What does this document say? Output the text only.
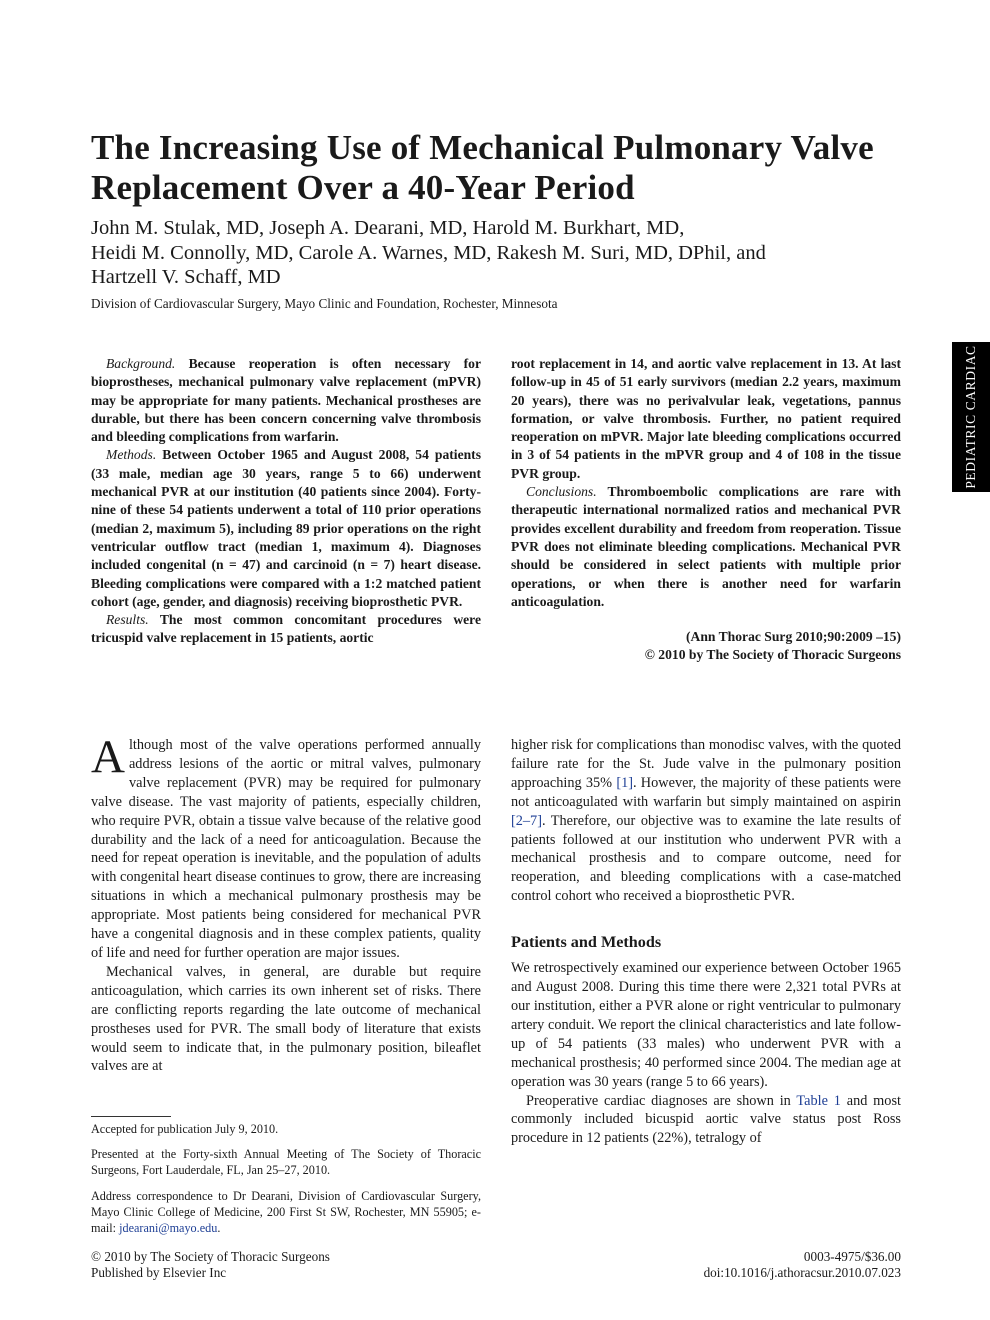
The Increasing Use of Mechanical Pulmonary Valve Replacement Over a 40-Year Period
John M. Stulak, MD, Joseph A. Dearani, MD, Harold M. Burkhart, MD,
Heidi M. Connolly, MD, Carole A. Warnes, MD, Rakesh M. Suri, MD, DPhil, and
Hartzell V. Schaff, MD
Division of Cardiovascular Surgery, Mayo Clinic and Foundation, Rochester, Minnesota
PEDIATRIC CARDIAC

Background. Because reoperation is often necessary for bioprostheses, mechanical pulmonary valve replacement (mPVR) may be appropriate for many patients. Mechanical prostheses are durable, but there has been concern concerning valve thrombosis and bleeding complications from warfarin.

Methods. Between October 1965 and August 2008, 54 patients (33 male, median age 30 years, range 5 to 66) underwent mechanical PVR at our institution (40 patients since 2004). Forty-nine of these 54 patients underwent a total of 110 prior operations (median 2, maximum 5), including 89 prior operations on the right ventricular outflow tract (median 1, maximum 4). Diagnoses included congenital (n = 47) and carcinoid (n = 7) heart disease. Bleeding complications were compared with a 1:2 matched patient cohort (age, gender, and diagnosis) receiving bioprosthetic PVR.

Results. The most common concomitant procedures were tricuspid valve replacement in 15 patients, aortic

root replacement in 14, and aortic valve replacement in 13. At last follow-up in 45 of 51 early survivors (median 2.2 years, maximum 20 years), there was no perivalvular leak, vegetations, pannus formation, or valve thrombosis. Further, no patient required reoperation on mPVR. Major late bleeding complications occurred in 3 of 54 patients in the mPVR group and 4 of 108 in the tissue PVR group.

Conclusions. Thromboembolic complications are rare with therapeutic international normalized ratios and mechanical PVR provides excellent durability and freedom from reoperation. Tissue PVR does not eliminate bleeding complications. Mechanical PVR should be considered in select patients with multiple prior operations, or when there is another need for warfarin anticoagulation.

(Ann Thorac Surg 2010;90:2009 –15)
© 2010 by The Society of Thoracic Surgeons

Although most of the valve operations performed annually address lesions of the aortic or mitral valves, pulmonary valve replacement (PVR) may be required for pulmonary valve disease. The vast majority of patients, especially children, who require PVR, obtain a tissue valve because of the relative good durability and the lack of a need for anticoagulation. Because the need for repeat operation is inevitable, and the population of adults with congenital heart disease continues to grow, there are increasing situations in which a mechanical pulmonary prosthesis may be appropriate. Most patients being considered for mechanical PVR have a congenital diagnosis and in these complex patients, quality of life and need for further operation are major issues.

Mechanical valves, in general, are durable but require anticoagulation, which carries its own inherent set of risks. There are conflicting reports regarding the late outcome of mechanical prostheses used for PVR. The small body of literature that exists would seem to indicate that, in the pulmonary position, bileaflet valves are at

higher risk for complications than monodisc valves, with the quoted failure rate for the St. Jude valve in the pulmonary position approaching 35% [1]. However, the majority of these patients were not anticoagulated with warfarin but simply maintained on aspirin [2–7]. Therefore, our objective was to examine the late results of patients followed at our institution who underwent PVR with a mechanical prosthesis and to compare outcome, need for reoperation, and bleeding complications with a case-matched control cohort who received a bioprosthetic PVR.

Patients and Methods

We retrospectively examined our experience between October 1965 and August 2008. During this time there were 2,321 total PVRs at our institution, either a PVR alone or right ventricular to pulmonary artery conduit. We report the clinical characteristics and late follow-up of 54 patients (33 males) who underwent PVR with a mechanical prosthesis; 40 performed since 2004. The median age at operation was 30 years (range 5 to 66 years).

Preoperative cardiac diagnoses are shown in Table 1 and most commonly included bicuspid aortic valve status post Ross procedure in 12 patients (22%), tetralogy of

Accepted for publication July 9, 2010.

Presented at the Forty-sixth Annual Meeting of The Society of Thoracic Surgeons, Fort Lauderdale, FL, Jan 25–27, 2010.

Address correspondence to Dr Dearani, Division of Cardiovascular Surgery, Mayo Clinic College of Medicine, 200 First St SW, Rochester, MN 55905; e-mail: jdearani@mayo.edu.

© 2010 by The Society of Thoracic Surgeons
Published by Elsevier Inc
0003-4975/$36.00
doi:10.1016/j.athoracsur.2010.07.023
